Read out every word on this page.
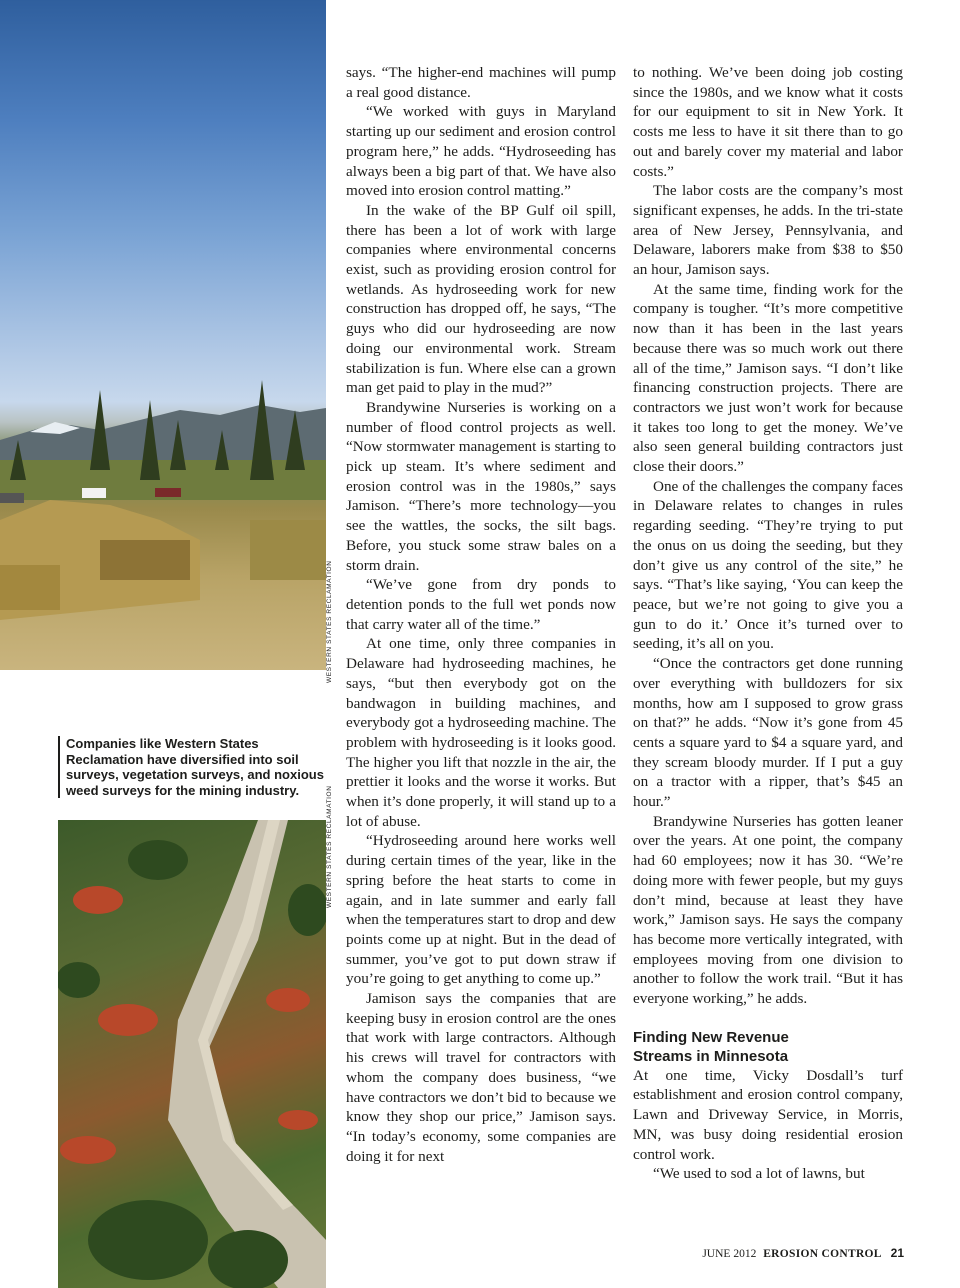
WESTERN STATES RECLAMATION
Companies like Western States Reclamation have diversified into soil surveys, vegetation surveys, and noxious weed surveys for the mining industry.	WESTERN STATES RECLAMATION

says. “The higher-end machines will pump a real good distance.

“We worked with guys in Maryland starting up our sediment and erosion control program here,” he adds. “Hydroseeding has always been a big part of that. We have also moved into erosion control matting.”

In the wake of the BP Gulf oil spill, there has been a lot of work with large companies where environmental concerns exist, such as providing erosion control for wetlands. As hydroseeding work for new construction has dropped off, he says, “The guys who did our hydroseeding are now doing our environmental work. Stream stabilization is fun. Where else can a grown man get paid to play in the mud?”

Brandywine Nurseries is working on a number of flood control projects as well. “Now stormwater management is starting to pick up steam. It’s where sediment and erosion control was in the 1980s,” says Jamison. “There’s more technology—you see the wattles, the socks, the silt bags. Before, you stuck some straw bales on a storm drain.

“We’ve gone from dry ponds to detention ponds to the full wet ponds now that carry water all of the time.”

At one time, only three companies in Delaware had hydroseeding machines, he says, “but then everybody got on the bandwagon in building machines, and everybody got a hydroseeding machine. The problem with hydroseeding is it looks good. The higher you lift that nozzle in the air, the prettier it looks and the worse it works. But when it’s done properly, it will stand up to a lot of abuse.

“Hydroseeding around here works well during certain times of the year, like in the spring before the heat starts to come in again, and in late summer and early fall when the temperatures start to drop and dew points come up at night. But in the dead of summer, you’ve got to put down straw if you’re going to get anything to come up.”

Jamison says the companies that are keeping busy in erosion control are the ones that work with large contractors. Although his crews will travel for contractors with whom the company does business, “we have contractors we don’t bid to because we know they shop our price,” Jamison says. “In today’s economy, some companies are doing it for next

to nothing. We’ve been doing job costing since the 1980s, and we know what it costs for our equipment to sit in New York. It costs me less to have it sit there than to go out and barely cover my material and labor costs.”

The labor costs are the company’s most significant expenses, he adds. In the tri-state area of New Jersey, Pennsylvania, and Delaware, laborers make from $38 to $50 an hour, Jamison says.

At the same time, finding work for the company is tougher. “It’s more competitive now than it has been in the last years because there was so much work out there all of the time,” Jamison says. “I don’t like financing construction projects. There are contractors we just won’t work for because it takes too long to get the money. We’ve also seen general building contractors just close their doors.”

One of the challenges the company faces in Delaware relates to changes in rules regarding seeding. “They’re trying to put the onus on us doing the seeding, but they don’t give us any control of the site,” he says. “That’s like saying, ‘You can keep the peace, but we’re not going to give you a gun to do it.’ Once it’s turned over to seeding, it’s all on you.

“Once the contractors get done running over everything with bulldozers for six months, how am I supposed to grow grass on that?” he adds. “Now it’s gone from 45 cents a square yard to $4 a square yard, and they scream bloody murder. If I put a guy on a tractor with a ripper, that’s $45 an hour.”

Brandywine Nurseries has gotten leaner over the years. At one point, the company had 60 employees; now it has 30. “We’re doing more with fewer people, but my guys don’t mind, because at least they have work,” Jamison says. He says the company has become more vertically integrated, with employees moving from one division to another to follow the work trail. “But it has everyone working,” he adds.

Finding New Revenue
Streams in Minnesota

At one time, Vicky Dosdall’s turf establishment and erosion control company, Lawn and Driveway Service, in Morris, MN, was busy doing residential erosion control work.

“We used to sod a lot of lawns, but

JUNE 2012 EROSION CONTROL 21
